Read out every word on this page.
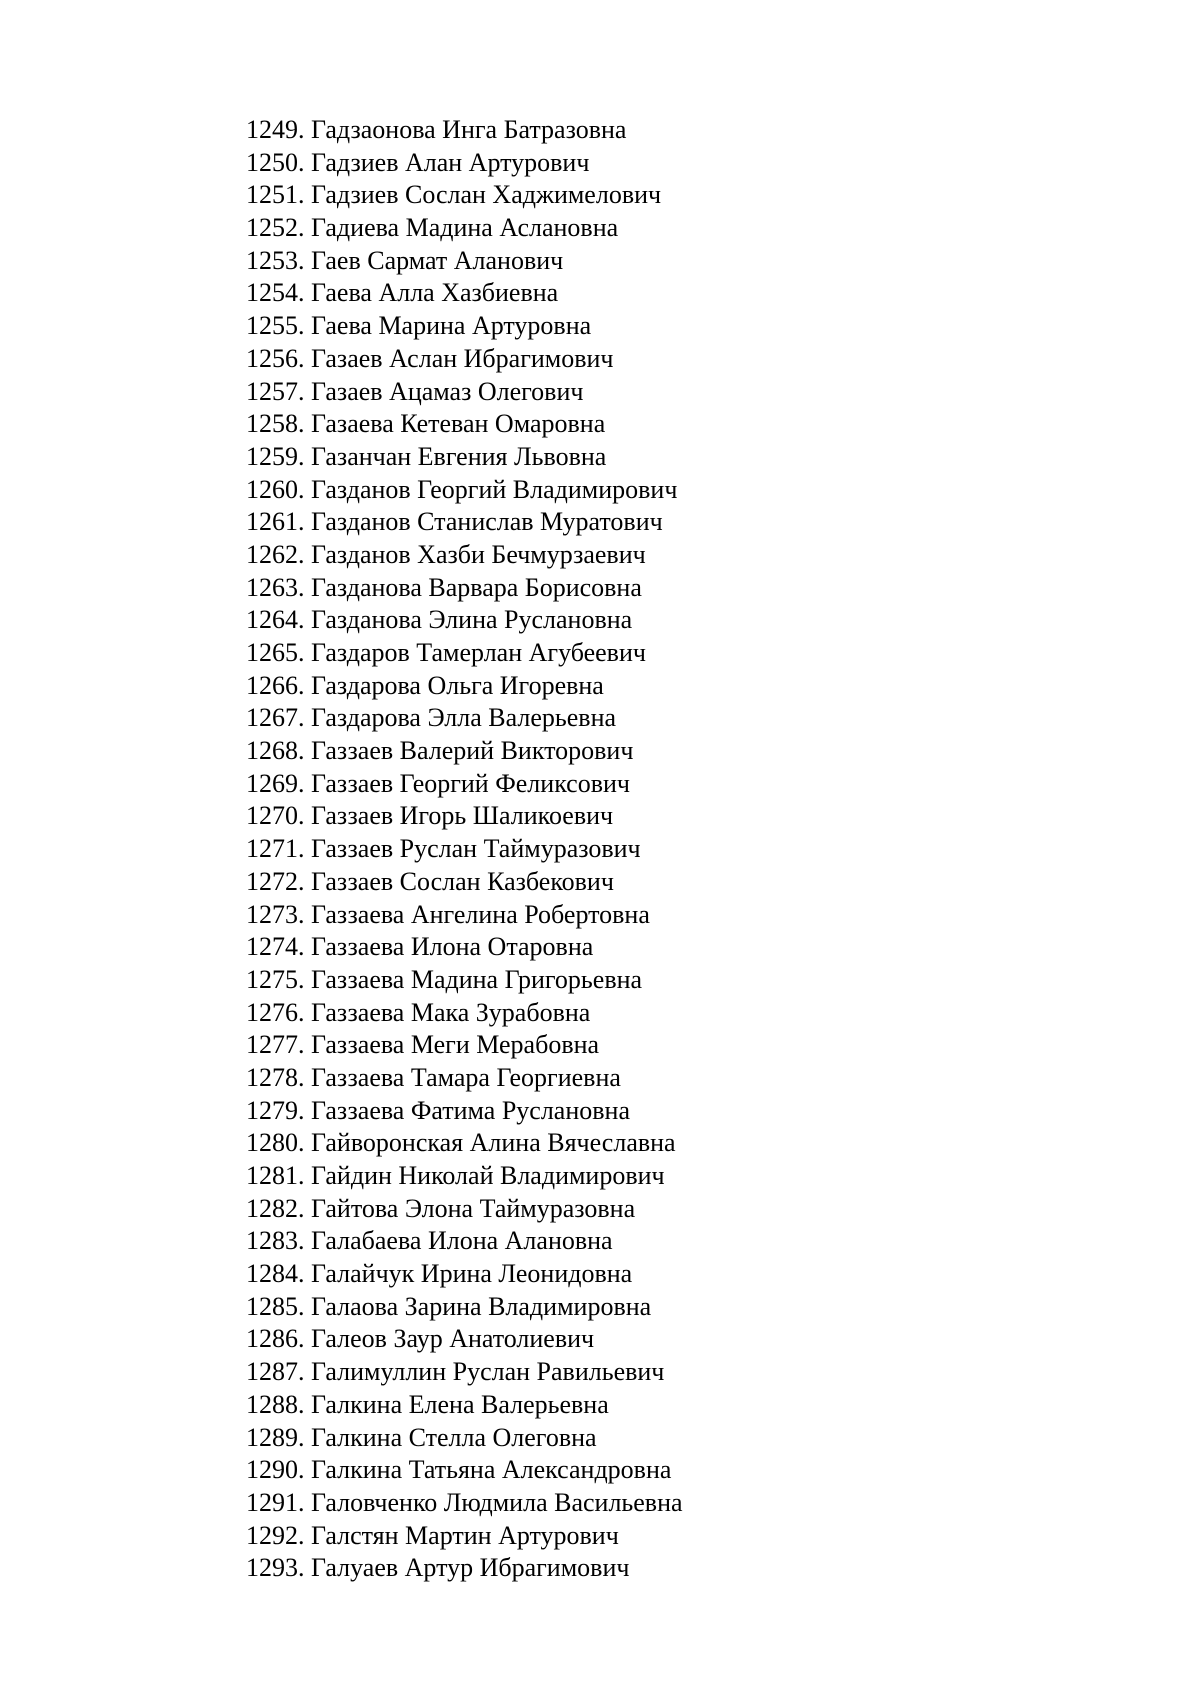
1249. Гадзаонова Инга Батразовна
1250. Гадзиев Алан Артурович
1251. Гадзиев Сослан Хаджимелович
1252. Гадиева Мадина Аслановна
1253. Гаев Сармат Аланович
1254. Гаева Алла Хазбиевна
1255. Гаева Марина Артуровна
1256. Газаев Аслан Ибрагимович
1257. Газаев Ацамаз Олегович
1258. Газаева Кетеван Омаровна
1259. Газанчан Евгения Львовна
1260. Газданов Георгий Владимирович
1261. Газданов Станислав Муратович
1262. Газданов Хазби Бечмурзаевич
1263. Газданова Варвара Борисовна
1264. Газданова Элина Руслановна
1265. Газдаров Тамерлан Агубеевич
1266. Газдарова Ольга Игоревна
1267. Газдарова Элла Валерьевна
1268. Газзаев Валерий Викторович
1269. Газзаев Георгий Феликсович
1270. Газзаев Игорь Шаликоевич
1271. Газзаев Руслан Таймуразович
1272. Газзаев Сослан Казбекович
1273. Газзаева Ангелина Робертовна
1274. Газзаева Илона Отаровна
1275. Газзаева Мадина Григорьевна
1276. Газзаева Мака Зурабовна
1277. Газзаева Меги Мерабовна
1278. Газзаева Тамара Георгиевна
1279. Газзаева Фатима Руслановна
1280. Гайворонская Алина Вячеславна
1281. Гайдин Николай Владимирович
1282. Гайтова Элона Таймуразовна
1283. Галабаева Илона Алановна
1284. Галайчук Ирина Леонидовна
1285. Галаова Зарина Владимировна
1286. Галеов Заур Анатолиевич
1287. Галимуллин Руслан Равильевич
1288. Галкина Елена Валерьевна
1289. Галкина Стелла Олеговна
1290. Галкина Татьяна Александровна
1291. Галовченко Людмила Васильевна
1292. Галстян Мартин Артурович
1293. Галуаев Артур Ибрагимович
